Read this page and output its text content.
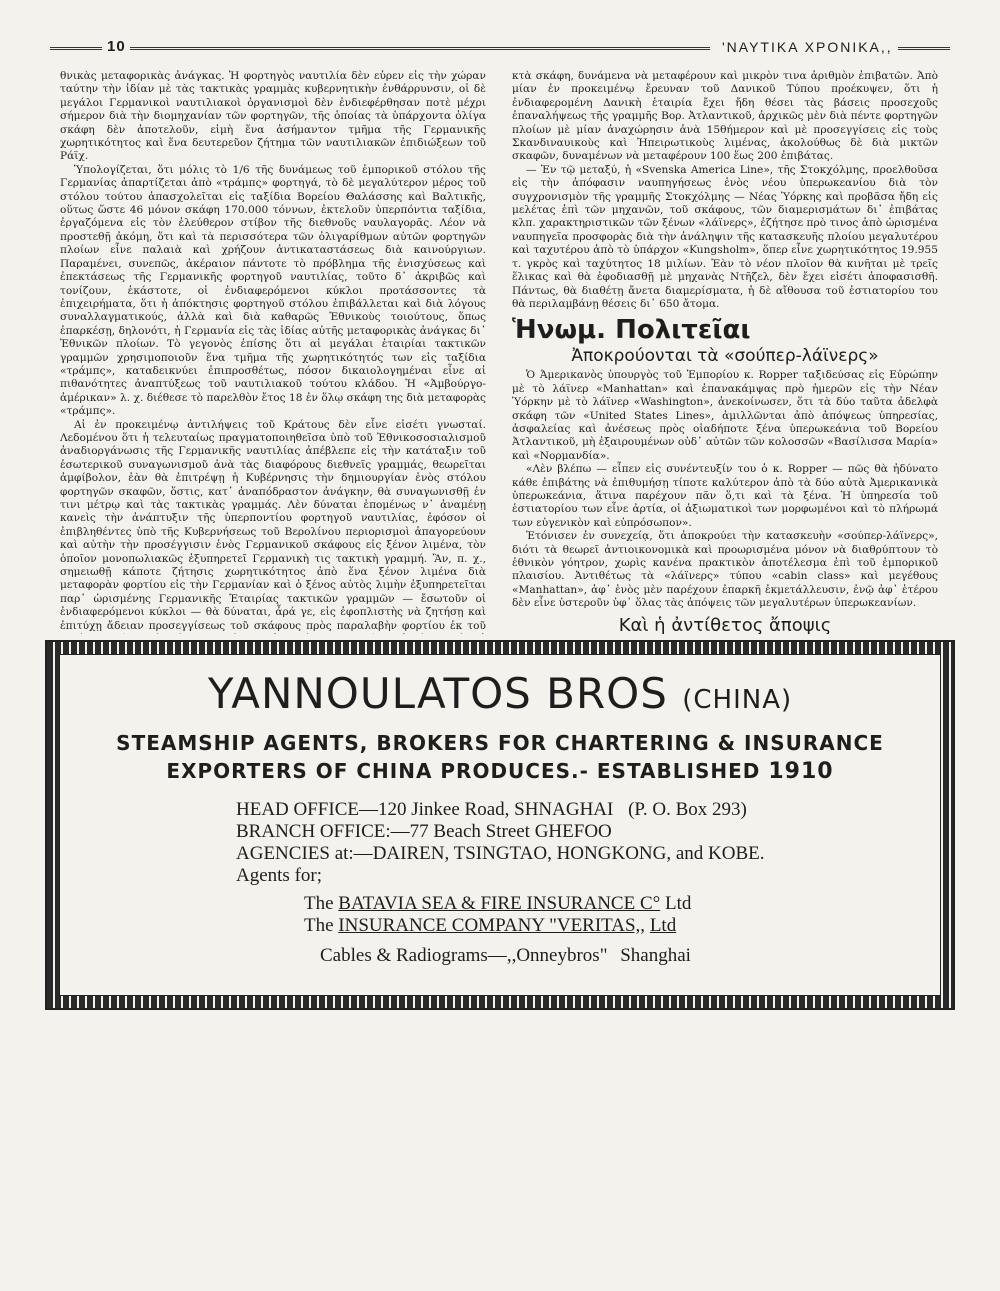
10	'ΝΑΥΤΙΚΑ ΧΡΟΝΙΚΑ,,

θνικὰς μεταφορικὰς ἀνάγκας. Ἡ φορτηγὸς ναυτιλία δὲν εὗρεν εἰς τὴν χώραν ταύτην τὴν ἰδίαν μὲ τὰς τακτικὰς γραμμὰς κυβερνητικὴν ἐνθάρρυνσιν, οἱ δὲ μεγάλοι Γερμανικοὶ ναυτιλιακοὶ ὀργανισμοὶ δὲν ἐνδιεφέρθησαν ποτὲ μέχρι σήμερον διὰ τὴν διομηχανίαν τῶν φορτηγῶν, τῆς ὁποίας τὰ ὑπάρχοντα ὀλίγα σκάφη δὲν ἀποτελοῦν, εἰμὴ ἕνα ἀσήμαντον τμῆμα τῆς Γερμανικῆς χωρητικότητος καὶ ἕνα δευτερεῦον ζήτημα τῶν ναυτιλιακῶν ἐπιδιώξεων τοῦ Ράϊχ.

Ὑπολογίζεται, ὅτι μόλις τὸ 1/6 τῆς δυνάμεως τοῦ ἐμπορικοῦ στόλου τῆς Γερμανίας ἀπαρτίζεται ἀπὸ «τράμπς» φορτηγά, τὸ δὲ μεγαλύτερον μέρος τοῦ στόλου τούτου ἀπασχολεῖται εἰς ταξίδια Βορείου Θαλάσσης καὶ Βαλτικῆς, οὕτως ὥστε 46 μόνον σκάφη 170.000 τόννων, ἐκτελοῦν ὑπερπόντια ταξίδια, ἐργαζόμενα εἰς τὸν ἐλεύθερον στίβον τῆς διεθνοῦς ναυλαγορᾶς. Λέον νὰ προστεθῇ ἀκόμη, ὅτι καὶ τὰ περισσότερα τῶν ὀλιγαρίθμων αὐτῶν φορτηγῶν πλοίων εἶνε παλαιὰ καὶ χρήζουν ἀντικαταστάσεως διὰ καινούργιων. Παραμένει, συνεπῶς, ἀκέραιον πάντοτε τὸ πρόβλημα τῆς ἐνισχύσεως καὶ ἐπεκτάσεως τῆς Γερμανικῆς φορτηγοῦ ναυτιλίας, τοῦτο δ᾽ ἀκριβῶς καὶ τονίζουν, ἑκάστοτε, οἱ ἐνδιαφερόμενοι κύκλοι προτάσσοντες τὰ ἐπιχειρήματα, ὅτι ἡ ἀπόκτησις φορτηγοῦ στόλου ἐπιβάλλεται καὶ διὰ λόγους συναλλαγματικούς, ἀλλὰ καὶ διὰ καθαρῶς Ἐθνικοὺς τοιούτους, ὅπως ἐπαρκέσῃ, δηλονότι, ἡ Γερμανία εἰς τὰς ἰδίας αὐτῆς μεταφορικὰς ἀνάγκας δι᾽ Ἐθνικῶν πλοίων. Τὸ γεγονὸς ἐπίσης ὅτι αἱ μεγάλαι ἑταιρίαι τακτικῶν γραμμῶν χρησιμοποιοῦν ἕνα τμῆμα τῆς χωρητικότητός των εἰς ταξίδια «τράμπς», καταδεικνύει ἐπιπροσθέτως, πόσον δικαιολογημέναι εἶνε αἱ πιθανότητες ἀναπτύξεως τοῦ ναυτιλιακοῦ τούτου κλάδου. Ἡ «Ἀμβούργο-ἀμέρικαν» λ. χ. διέθεσε τὸ παρελθὸν ἔτος 18 ἐν ὅλῳ σκάφη της διὰ μεταφορὰς «τράμπς».

Αἱ ἐν προκειμένῳ ἀντιλήψεις τοῦ Κράτους δὲν εἶνε εἰσέτι γνωσταί. Λεδομένου ὅτι ἡ τελευταίως πραγματοποιηθεῖσα ὑπὸ τοῦ Ἐθνικοσοσιαλισμοῦ ἀναδιοργάνωσις τῆς Γερμανικῆς ναυτιλίας ἀπέβλεπε εἰς τὴν κατάταξιν τοῦ ἐσωτερικοῦ συναγωνισμοῦ ἀνὰ τὰς διαφόρους διεθνεῖς γραμμάς, θεωρεῖται ἀμφίβολον, ἐὰν θὰ ἐπιτρέψῃ ἡ Κυβέρνησις τὴν δημιουργίαν ἑνὸς στόλου φορτηγῶν σκαφῶν, ὅστις, κατ᾽ ἀναπόδραστον ἀνάγκην, θὰ συναγωνισθῇ ἐν τινι μέτρῳ καὶ τὰς τακτικὰς γραμμάς. Λὲν δύναται ἑπομένως ν᾽ ἀναμένῃ κανεὶς τὴν ἀνάπτυξιν τῆς ὑπερποντίου φορτηγοῦ ναυτιλίας, ἐφόσον οἱ ἐπιβληθέντες ὑπὸ τῆς Κυβερνήσεως τοῦ Βερολίνου περιορισμοὶ ἀπαγορεύουν καὶ αὐτὴν τὴν προσέγγισιν ἑνὸς Γερμανικοῦ σκάφους εἰς ξένον λιμένα, τὸν ὁποῖον μονοπωλιακῶς ἐξυπηρετεῖ Γερμανικὴ τις τακτικὴ γραμμή. Ἂν, π. χ., σημειωθῇ κάποτε ζήτησις χωρητικότητος ἀπὸ ἕνα ξένον λιμένα διὰ μεταφορὰν φορτίου εἰς τὴν Γερμανίαν καὶ ὁ ξένος αὐτὸς λιμὴν ἐξυπηρετεῖται παρ᾽ ὡρισμένης Γερμανικῆς Ἑταιρίας τακτικῶν γραμμῶν — ἔσωτοῦν οἱ ἐνδιαφερόμενοι κύκλοι — θὰ δύναται, ἆρά γε, εἰς ἐφοπλιστὴς νὰ ζητήσῃ καὶ ἐπιτύχῃ ἄδειαν προσεγγίσεως τοῦ σκάφους πρὸς παραλαβὴν φορτίου ἐκ τοῦ

κτὰ σκάφη, δυνάμενα νὰ μεταφέρουν καὶ μικρὸν τινα ἀριθμὸν ἐπιβατῶν. Ἀπὸ μίαν ἐν προκειμένῳ ἔρευναν τοῦ Δανικοῦ Τύπου προέκυψεν, ὅτι ἡ ἐνδιαφερομένη Δανικὴ ἑταιρία ἔχει ἤδη θέσει τὰς βάσεις προσεχοῦς ἐπαναλήψεως τῆς γραμμῆς Βορ. Ἀτλαντικοῦ, ἀρχικῶς μὲν διὰ πέντε φορτηγῶν πλοίων μὲ μίαν ἀναχώρησιν ἀνὰ 15θήμερον καὶ μὲ προσεγγίσεις εἰς τοὺς Σκανδιναυικοὺς καὶ Ἠπειρωτικοὺς λιμένας, ἀκολούθως δὲ διὰ μικτῶν σκαφῶν, δυναμένων νὰ μεταφέρουν 100 ἕως 200 ἐπιβάτας.

— Ἐν τῷ μεταξύ, ἡ «Svenska America Line», τῆς Στοκχόλμης, προελθοῦσα εἰς τὴν ἀπόφασιν ναυπηγήσεως ἑνὸς νέου ὑπερωκεανίου διὰ τὸν συγχρονισμὸν τῆς γραμμῆς Στοκχόλμης — Νέας Ὑόρκης καὶ προβᾶσα ἤδη εἰς μελέτας ἐπὶ τῶν μηχανῶν, τοῦ σκάφους, τῶν διαμερισμάτων δι᾽ ἐπιβάτας κλπ. χαρακτηριστικῶν τῶν ξένων «λάϊνερς», ἐζήτησε πρὸ τινος ἀπὸ ὡρισμένα ναυπηγεῖα προσφορὰς διὰ τὴν ἀνάληψιν τῆς κατασκευῆς πλοίου μεγαλυτέρου καὶ ταχυτέρου ἀπὸ τὸ ὑπάρχον «Kungsholm», ὅπερ εἶνε χωρητικότητος 19.955 τ. γκρὸς καὶ ταχύτητος 18 μιλίων. Ἐὰν τὸ νέον πλοῖον θὰ κινῆται μὲ τρεῖς ἕλικας καὶ θὰ ἐφοδιασθῇ μὲ μηχανὰς Ντῆζελ, δὲν ἔχει εἰσέτι ἀποφασισθῆ. Πάντως, θὰ διαθέτῃ ἄνετα διαμερίσματα, ἡ δὲ αἴθουσα τοῦ ἑστιατορίου του θὰ περιλαμβάνῃ θέσεις δι᾽ 650 ἄτομα.

Ἡνωμ. Πολιτεῖαι
Ἀποκρούονται τὰ «σούπερ-λάϊνερς»

Ὁ Ἀμερικανὸς ὑπουργὸς τοῦ Ἐμπορίου κ. Ropper ταξιδεύσας εἰς Εὐρώπην μὲ τὸ λάϊνερ «Manhattan» καὶ ἐπανακάμψας πρὸ ἡμερῶν εἰς τὴν Νέαν Ὑόρκην μὲ τὸ λάϊνερ «Washington», ἀνεκοίνωσεν, ὅτι τὰ δύο ταῦτα ἀδελφὰ σκάφη τῶν «United States Lines», ἁμιλλῶνται ἀπὸ ἀπόψεως ὑπηρεσίας, ἀσφαλείας καὶ ἀνέσεως πρὸς οἱαδήποτε ξένα ὑπερωκεάνια τοῦ Βορείου Ἀτλαντικοῦ, μὴ ἐξαιρουμένων οὐδ᾽ αὐτῶν τῶν κολοσσῶν «Βασίλισσα Μαρία» καὶ «Νορμανδία».

«Λὲν βλέπω — εἶπεν εἰς συνέντευξίν του ὁ κ. Ropper — πῶς θὰ ἠδύνατο κάθε ἐπιβάτης νὰ ἐπιθυμήσῃ τίποτε καλύτερον ἀπὸ τὰ δύο αὐτὰ Ἀμερικανικὰ ὑπερωκεάνια, ἅτινα παρέχουν πᾶν ὅ,τι καὶ τὰ ξένα. Ἡ ὑπηρεσία τοῦ ἑστιατορίου των εἶνε ἀρτία, οἱ ἀξιωματικοὶ των μορφωμένοι καὶ τὸ πλήρωμά των εὐγενικὸν καὶ εὐπρόσωπον».

Ἐτόνισεν ἐν συνεχείᾳ, ὅτι ἀποκρούει τὴν κατασκευὴν «σούπερ-λάϊνερς», διότι τὰ θεωρεῖ ἀντιοικονομικὰ καὶ προωρισμένα μόνον νὰ διαθρύπτουν τὸ ἐθνικὸν γόητρον, χωρὶς κανένα πρακτικὸν ἀποτέλεσμα ἐπὶ τοῦ ἐμπορικοῦ πλαισίου. Ἀντιθέτως τὰ «λάϊνερς» τύπου «cabin class» καὶ μεγέθους «Manhattan», ἀφ᾽ ἑνὸς μὲν παρέχουν ἐπαρκῆ ἐκμετάλλευσιν, ἐνῷ ἀφ᾽ ἑτέρου δὲν εἶνε ὑστεροῦν ὑφ᾽ ὅλας τὰς ἀπόψεις τῶν μεγαλυτέρων ὑπερωκεανίων.

Καὶ ἡ ἀντίθετος ἄποψις

YANNOULATOS BROS (CHINA)
STEAMSHIP AGENTS, BROKERS FOR CHARTERING & INSURANCE
EXPORTERS OF CHINA PRODUCES.- ESTABLISHED 1910
HEAD OFFICE—120 Jinkee Road, SHNAGHAI (P. O. Box 293)
BRANCH OFFICE:—77 Beach Street GHEFOO
AGENCIES at:—DAIREN, TSINGTAO, HONGKONG, and KOBE.
Agents for;
The BATAVIA SEA & FIRE INSURANCE C° Ltd
The INSURANCE COMPANY "VERITAS,, Ltd
Cables & Radiograms—,,Onneybros" Shanghai
